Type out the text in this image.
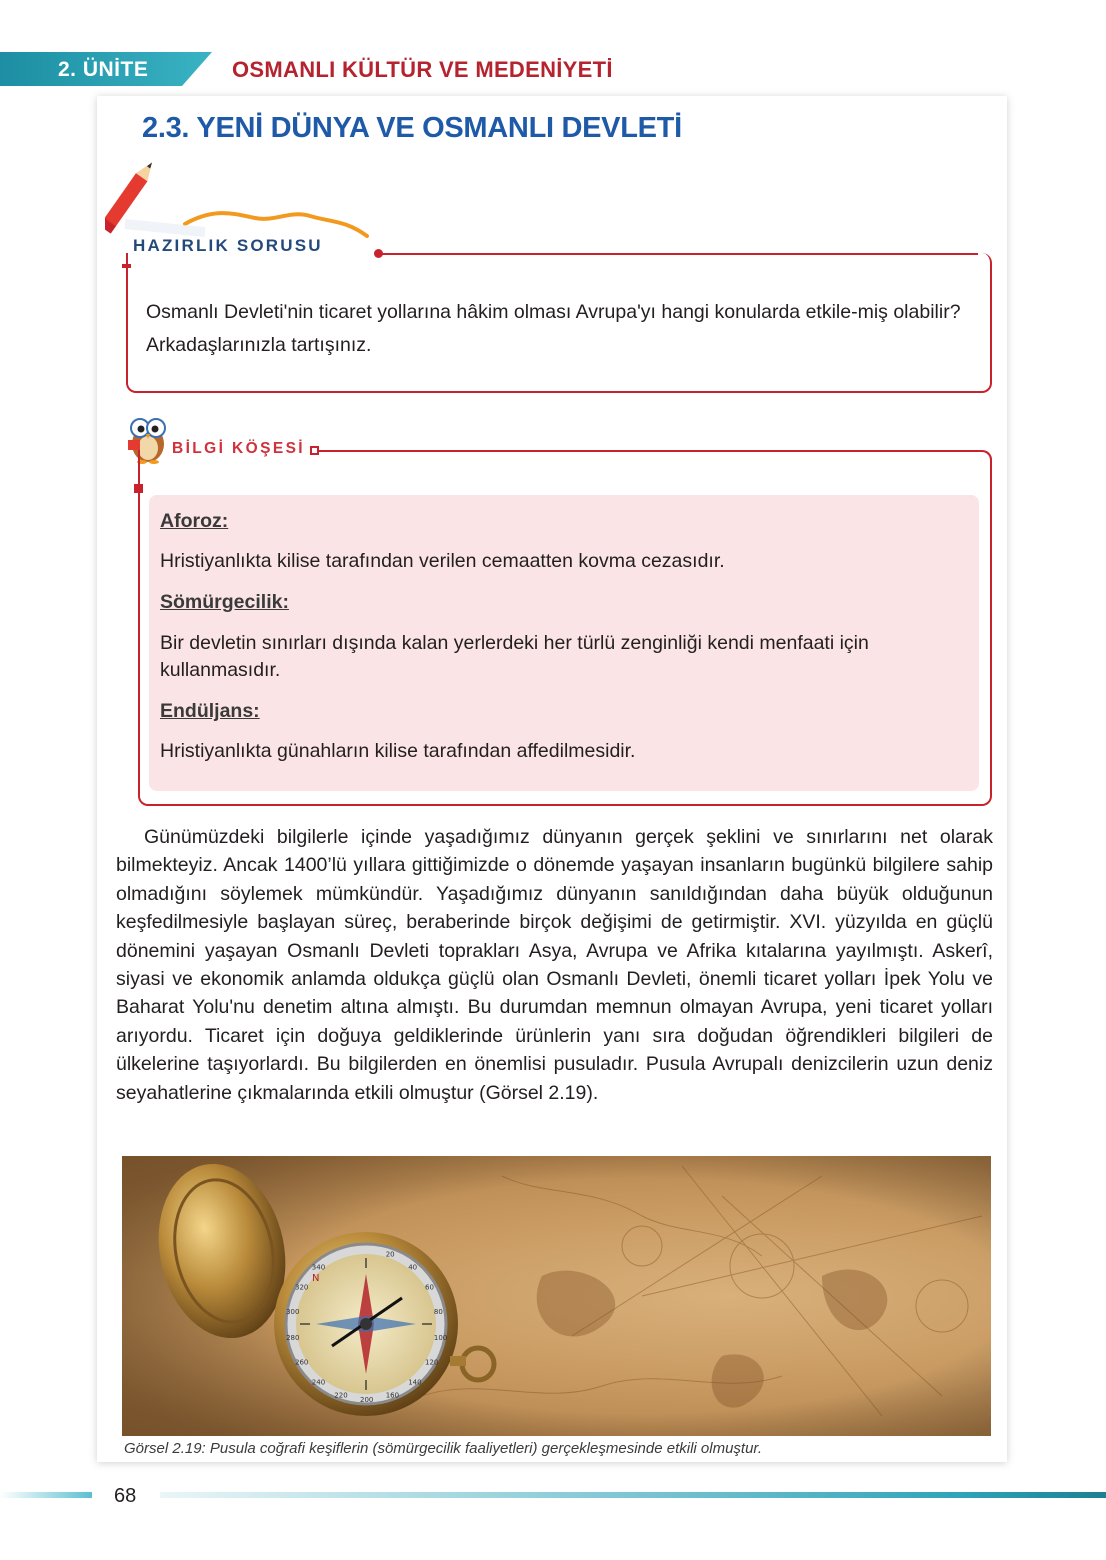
2. ÜNİTE	OSMANLI KÜLTÜR VE MEDENİYETİ
2.3. YENİ DÜNYA VE OSMANLI DEVLETİ
HAZIRLIK SORUSU
Osmanlı Devleti'nin ticaret yollarına hâkim olması Avrupa'yı hangi konularda etkile-miş olabilir? Arkadaşlarınızla tartışınız.
BİLGİ KÖŞESİ
Aforoz:
Hristiyanlıkta kilise tarafından verilen cemaatten kovma cezasıdır.
Sömürgecilik:
Bir devletin sınırları dışında kalan yerlerdeki her türlü zenginliği kendi menfaati için kullanmasıdır.
Endüljans:
Hristiyanlıkta günahların kilise tarafından affedilmesidir.

Günümüzdeki bilgilerle içinde yaşadığımız dünyanın gerçek şeklini ve sınırlarını net olarak bilmekteyiz. Ancak 1400’lü yıllara gittiğimizde o dönemde yaşayan insanların bugünkü bilgilere sahip olmadığını söylemek mümkündür. Yaşadığımız dünyanın sanıldığından daha büyük olduğunun keşfedilmesiyle başlayan süreç, beraberinde birçok değişimi de getirmiştir. XVI. yüzyılda en güçlü dönemini yaşayan Osmanlı Devleti toprakları Asya, Avrupa ve Afrika kıtalarına yayılmıştı. Askerî, siyasi ve ekonomik anlamda oldukça güçlü olan Osmanlı Devleti, önemli ticaret yolları İpek Yolu ve Baharat Yolu'nu denetim altına almıştı. Bu durumdan memnun olmayan Avrupa, yeni ticaret yolları arıyordu. Ticaret için doğuya geldiklerinde ürünlerin yanı sıra doğudan öğrendikleri bilgileri de ülkelerine taşıyorlardı. Bu bilgilerden en önemlisi pusuladır. Pusula Avrupalı denizcilerin uzun deniz seyahatlerine çıkmalarında etkili olmuştur (Görsel 2.19).

N
20
40
60
80
100
120
140
160
200
220
240
260
280
300
320
340
Görsel 2.19: Pusula coğrafi keşiflerin (sömürgecilik faaliyetleri) gerçekleşmesinde etkili olmuştur.
68
